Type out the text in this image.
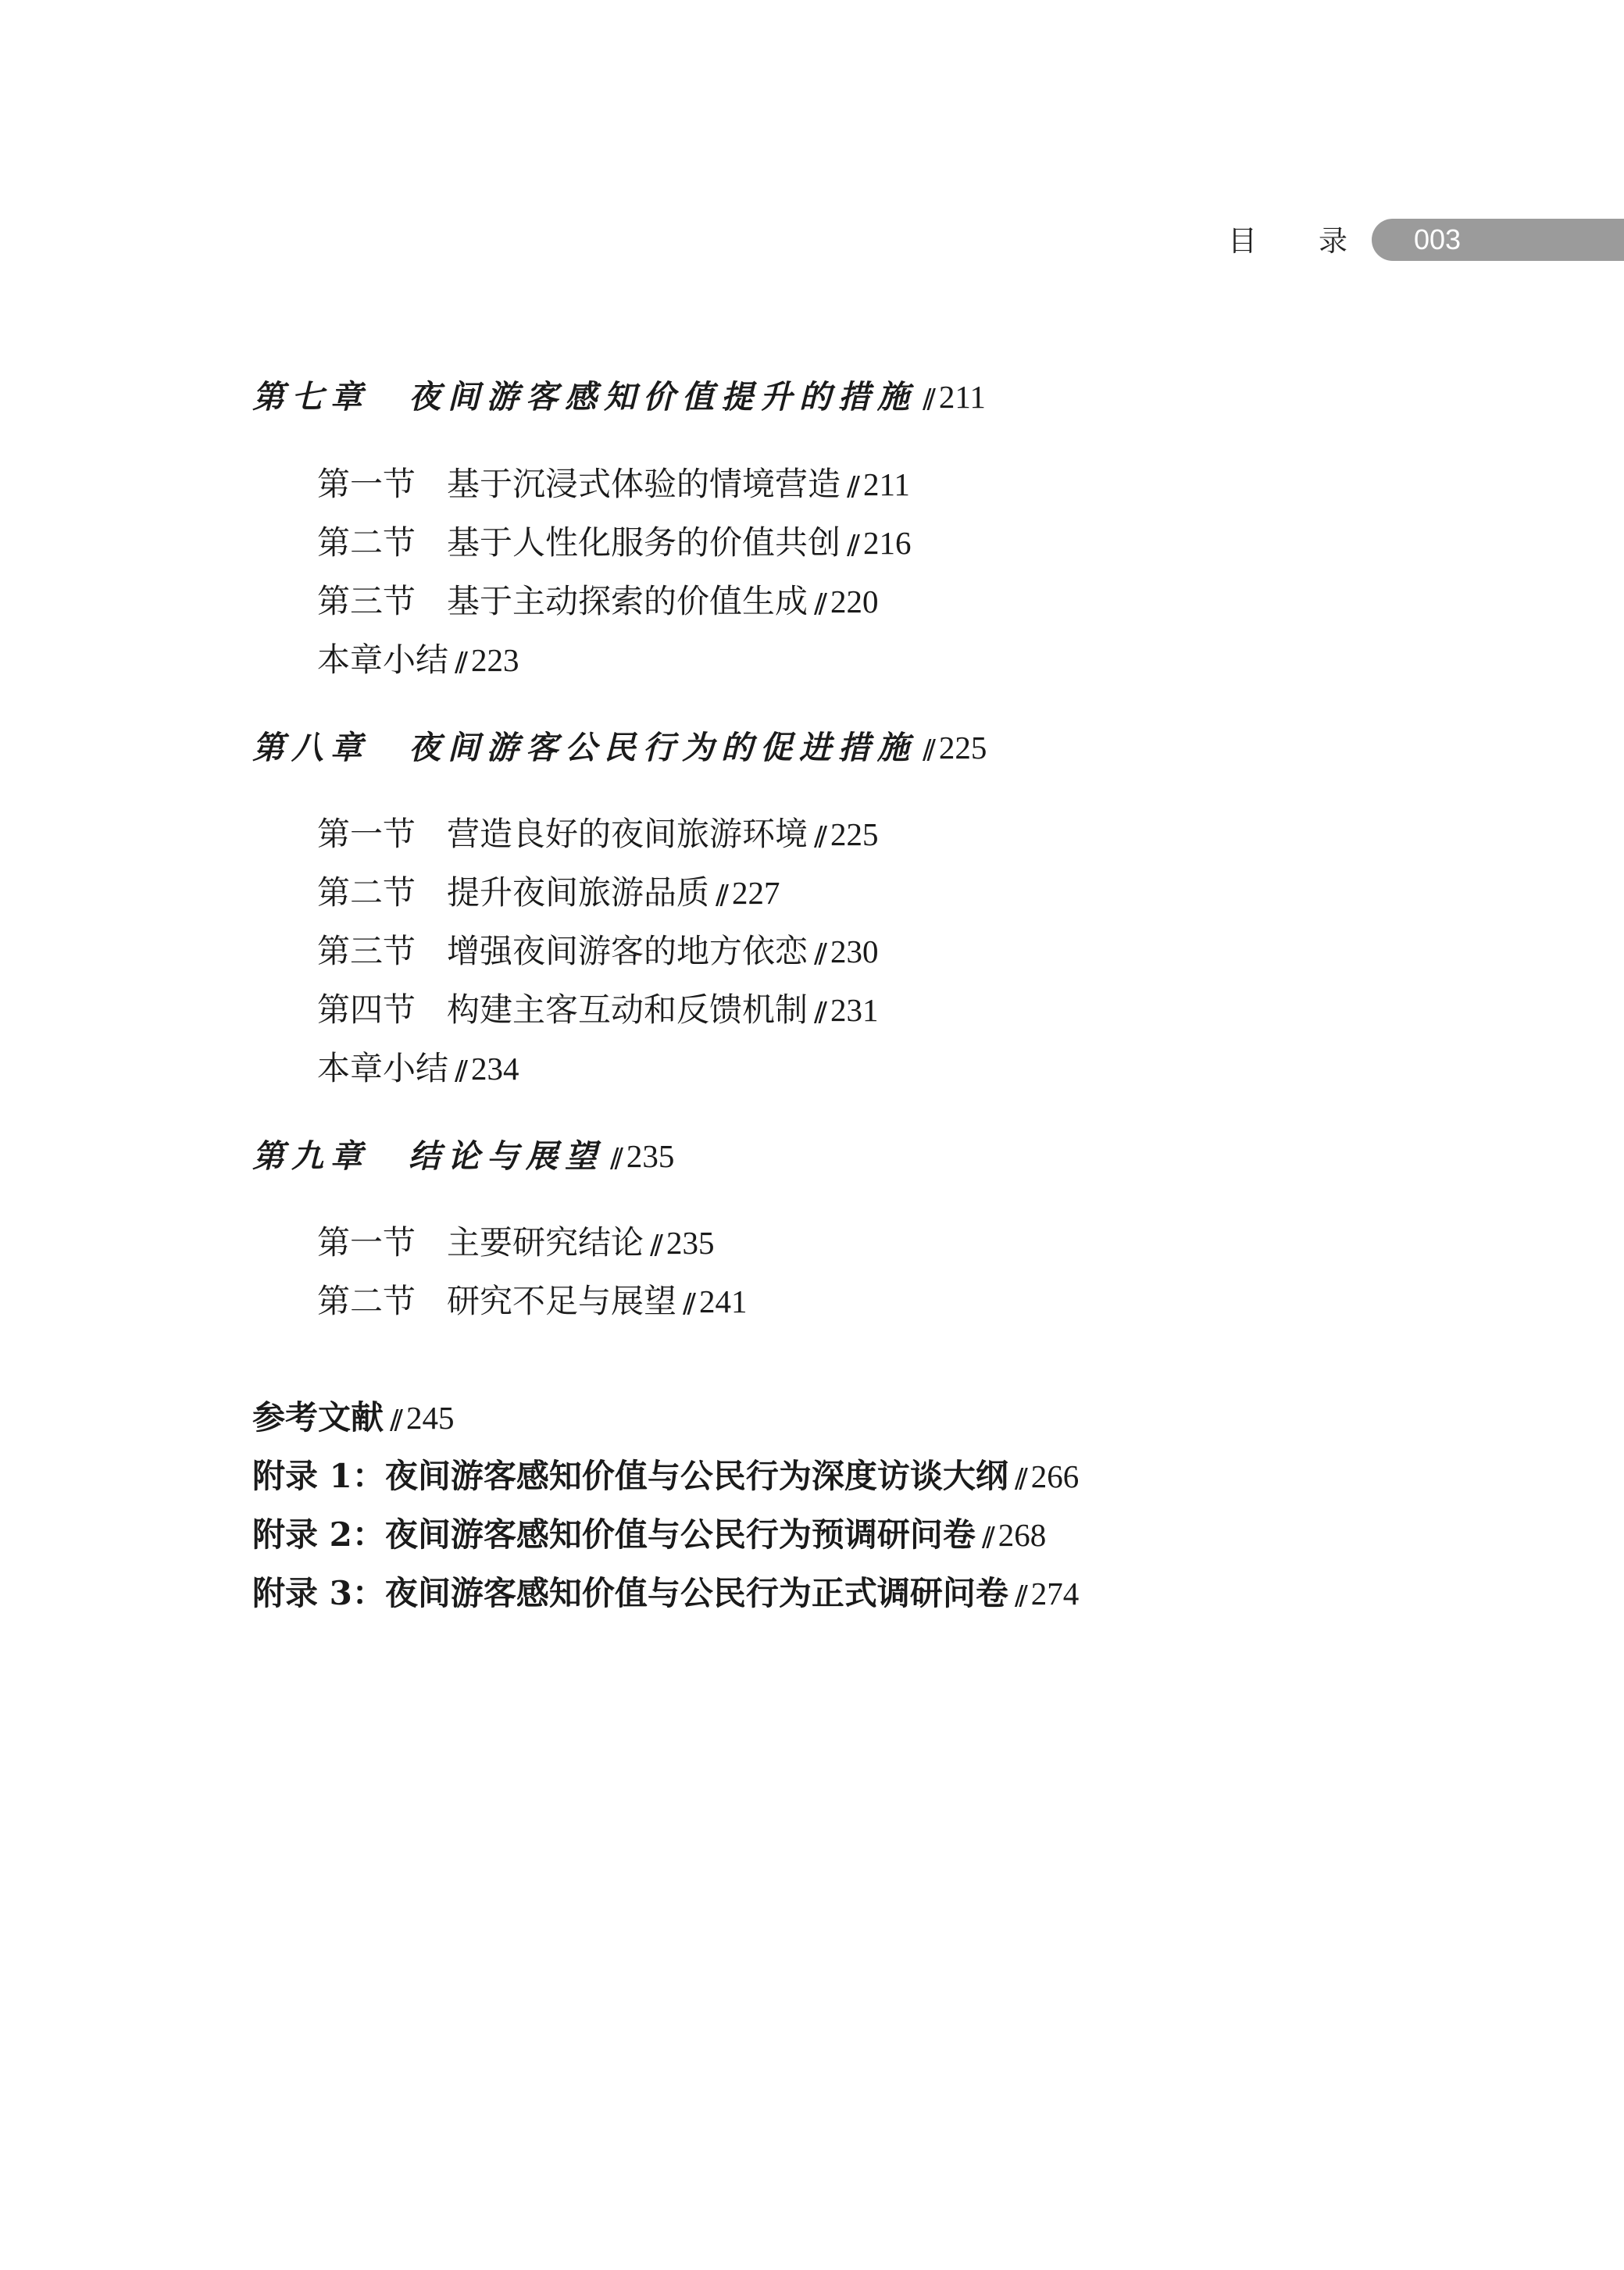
目 录	003
第七章 夜间游客感知价值提升的措施 // 211
第一节 基于沉浸式体验的情境营造 // 211
第二节 基于人性化服务的价值共创 // 216
第三节 基于主动探索的价值生成 // 220
本章小结 // 223
第八章 夜间游客公民行为的促进措施 // 225
第一节 营造良好的夜间旅游环境 // 225
第二节 提升夜间旅游品质 // 227
第三节 增强夜间游客的地方依恋 // 230
第四节 构建主客互动和反馈机制 // 231
本章小结 // 234
第九章 结论与展望 // 235
第一节 主要研究结论 // 235
第二节 研究不足与展望 // 241
参考文献 // 245
附录 1：夜间游客感知价值与公民行为深度访谈大纲 // 266
附录 2：夜间游客感知价值与公民行为预调研问卷 // 268
附录 3：夜间游客感知价值与公民行为正式调研问卷 // 274
